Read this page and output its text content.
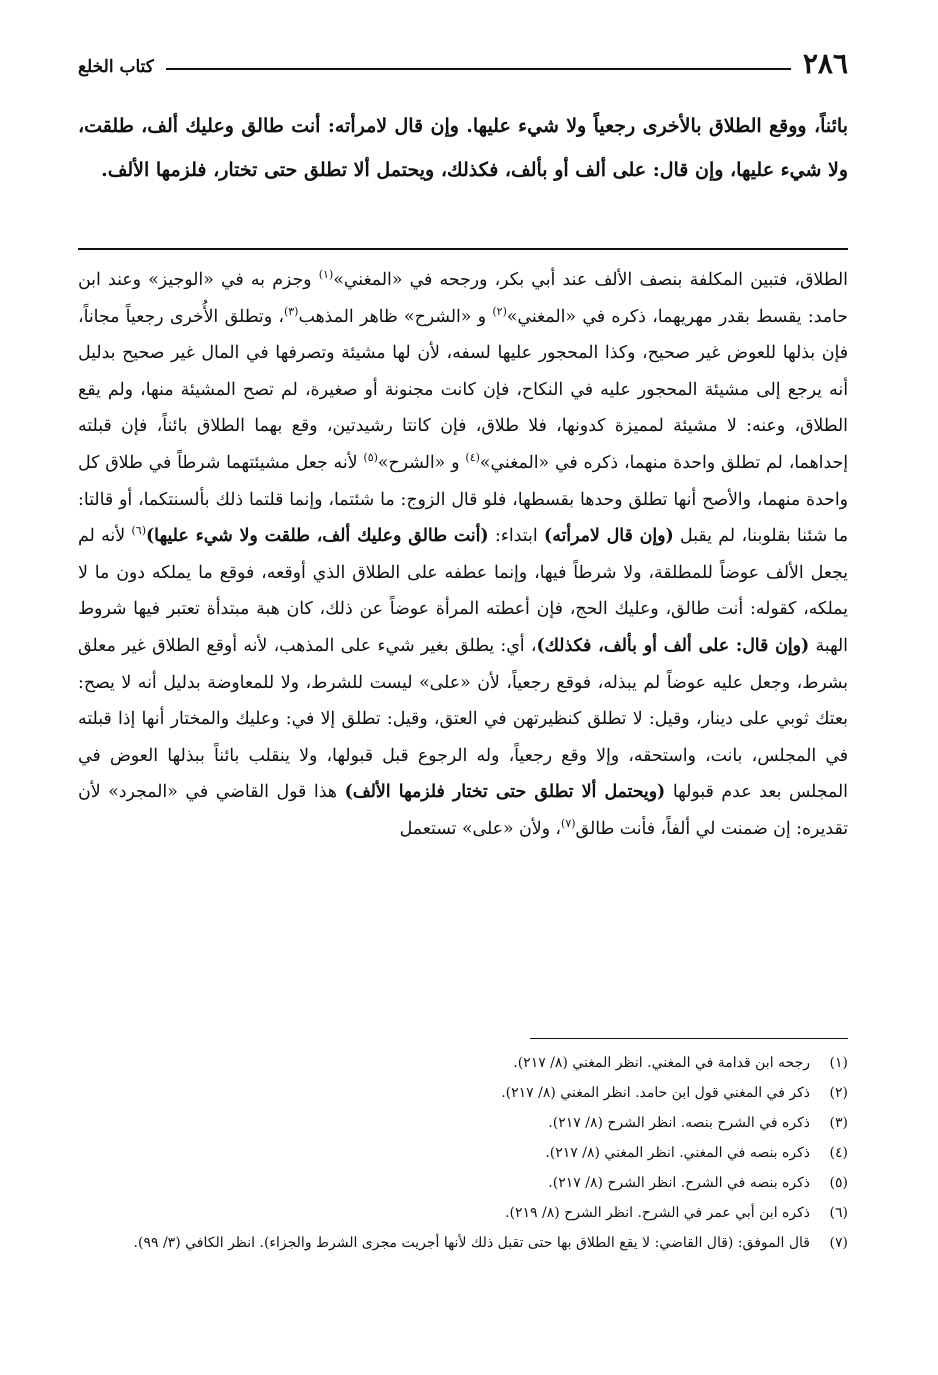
٢٨٦
كتاب الخلع

بائناً، ووقع الطلاق بالأخرى رجعياً ولا شيء عليها. وإن قال لامرأته: أنت طالق وعليك ألف، طلقت، ولا شيء عليها، وإن قال: على ألف أو بألف، فكذلك، ويحتمل ألا تطلق حتى تختار، فلزمها الألف.

الطلاق، فتبين المكلفة بنصف الألف عند أبي بكر، ورجحه في «المغني»$^{(١)}$ وجزم به في «الوجيز» وعند ابن حامد: يقسط بقدر مهريهما، ذكره في «المغني»$^{(٢)}$ و «الشرح» ظاهر المذهب$^{(٣)}$، وتطلق الأُخرى رجعياً مجاناً، فإن بذلها للعوض غير صحيح، وكذا المحجور عليها لسفه، لأن لها مشيئة وتصرفها في المال غير صحيح بدليل أنه يرجع إلى مشيئة المحجور عليه في النكاح، فإن كانت مجنونة أو صغيرة، لم تصح المشيئة منها، ولم يقع الطلاق، وعنه: لا مشيئة لمميزة كدونها، فلا طلاق، فإن كانتا رشيدتين، وقع بهما الطلاق بائناً، فإن قبلته إحداهما، لم تطلق واحدة منهما، ذكره في «المغني»$^{(٤)}$ و «الشرح»$^{(٥)}$ لأنه جعل مشيئتهما شرطاً في طلاق كل واحدة منهما، والأصح أنها تطلق وحدها بقسطها، فلو قال الزوج: ما شئتما، وإنما قلتما ذلك بألسنتكما، أو قالتا: ما شئنا بقلوبنا، لم يقبل (وإن قال لامرأته) ابتداء: (أنت طالق وعليك ألف، طلقت ولا شيء عليها)$^{(٦)}$ لأنه لم يجعل الألف عوضاً للمطلقة، ولا شرطاً فيها، وإنما عطفه على الطلاق الذي أوقعه، فوقع ما يملكه دون ما لا يملكه، كقوله: أنت طالق، وعليك الحج، فإن أعطته المرأة عوضاً عن ذلك، كان هبة مبتدأة تعتبر فيها شروط الهبة (وإن قال: على ألف أو بألف، فكذلك)، أي: يطلق بغير شيء على المذهب، لأنه أوقع الطلاق غير معلق بشرط، وجعل عليه عوضاً لم يبذله، فوقع رجعياً، لأن «على» ليست للشرط، ولا للمعاوضة بدليل أنه لا يصح: بعتك ثوبي على دينار، وقيل: لا تطلق كنظيرتهن في العتق، وقيل: تطلق إلا في: وعليك والمختار أنها إذا قبلته في المجلس، بانت، واستحقه، وإلا وقع رجعياً، وله الرجوع قبل قبولها، ولا ينقلب بائناً ببذلها العوض في المجلس بعد عدم قبولها (ويحتمل ألا تطلق حتى تختار فلزمها الألف) هذا قول القاضي في «المجرد» لأن تقديره: إن ضمنت لي ألفاً، فأنت طالق$^{(٧)}$، ولأن «على» تستعمل

(١)
رجحه ابن قدامة في المغني. انظر المغني (٨/ ٢١٧).
(٢)
ذكر في المغني قول ابن حامد. انظر المغني (٨/ ٢١٧).
(٣)
ذكره في الشرح بنصه. انظر الشرح (٨/ ٢١٧).
(٤)
ذكره بنصه في المغني. انظر المغني (٨/ ٢١٧).
(٥)
ذكره بنصه في الشرح. انظر الشرح (٨/ ٢١٧).
(٦)
ذكره ابن أبي عمر في الشرح. انظر الشرح (٨/ ٢١٩).
(٧)
قال الموفق: (قال القاضي: لا يقع الطلاق بها حتى تقبل ذلك لأنها أجريت مجرى الشرط والجزاء). انظر الكافي (٣/ ٩٩).
